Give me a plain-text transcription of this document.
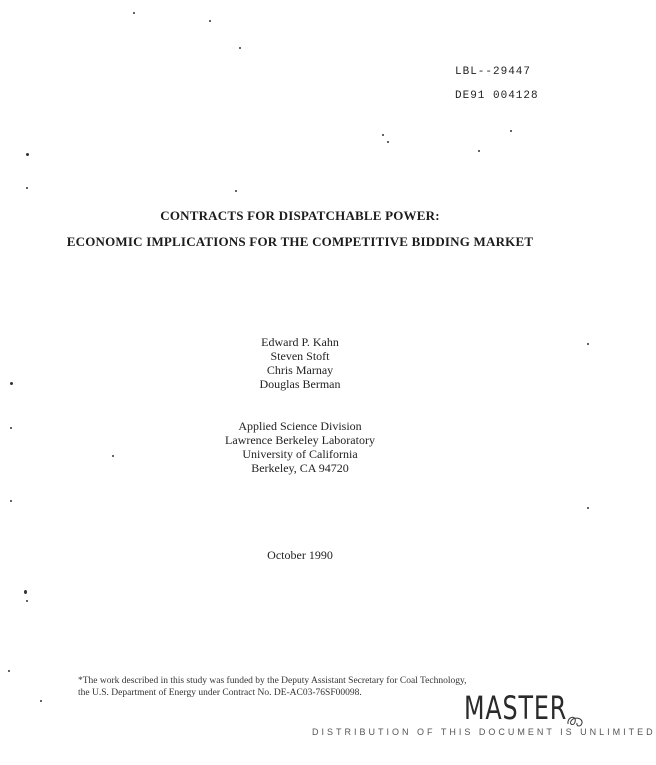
LBL--29447
DE91 004128
CONTRACTS FOR DISPATCHABLE POWER:
ECONOMIC IMPLICATIONS FOR THE COMPETITIVE BIDDING MARKET
Edward P. Kahn
Steven Stoft
Chris Marnay
Douglas Berman
Applied Science Division
Lawrence Berkeley Laboratory
University of California
Berkeley, CA 94720
October 1990
*The work described in this study was funded by the Deputy Assistant Secretary for Coal Technology,
the U.S. Department of Energy under Contract No. DE-AC03-76SF00098.	MASTER
DISTRIBUTION OF THIS DOCUMENT IS UNLIMITED
